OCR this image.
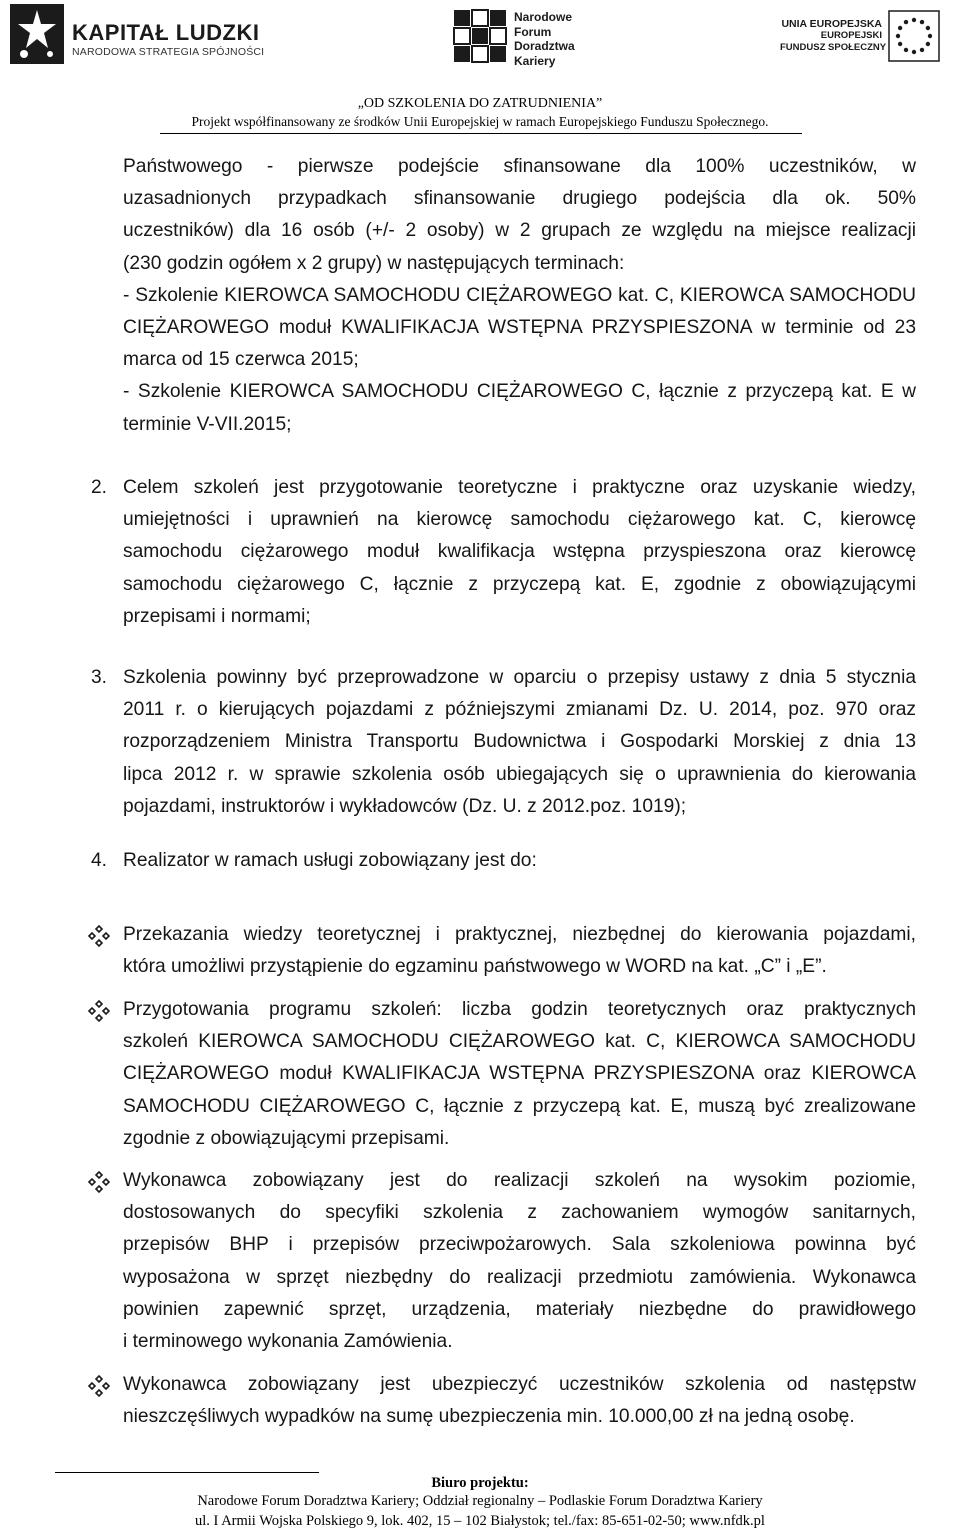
KAPITAŁ LUDZKI
NARODOWA STRATEGIA SPÓJNOŚCI
Narodowe
Forum
Doradztwa
Kariery
UNIA EUROPEJSKA
EUROPEJSKI
FUNDUSZ SPOŁECZNY
„OD SZKOLENIA DO ZATRUDNIENIA”
Projekt współfinansowany ze środków Unii Europejskiej w ramach Europejskiego Funduszu Społecznego.
Państwowego - pierwsze podejście sfinansowane dla 100% uczestników, w
uzasadnionych przypadkach sfinansowanie drugiego podejścia dla ok. 50%
uczestników) dla 16 osób (+/- 2 osoby) w 2 grupach ze względu na miejsce realizacji
(230 godzin ogółem x 2 grupy) w następujących terminach:
- Szkolenie KIEROWCA SAMOCHODU CIĘŻAROWEGO kat. C, KIEROWCA SAMOCHODU
CIĘŻAROWEGO moduł KWALIFIKACJA WSTĘPNA PRZYSPIESZONA w terminie od 23
marca od 15 czerwca 2015;
- Szkolenie KIEROWCA SAMOCHODU CIĘŻAROWEGO C, łącznie z przyczepą kat. E w
terminie V-VII.2015;
2. Celem szkoleń jest przygotowanie teoretyczne i praktyczne oraz uzyskanie wiedzy,
umiejętności i uprawnień na kierowcę samochodu ciężarowego kat. C, kierowcę
samochodu ciężarowego moduł kwalifikacja wstępna przyspieszona oraz kierowcę
samochodu ciężarowego C, łącznie z przyczepą kat. E, zgodnie z obowiązującymi
przepisami i normami;
3. Szkolenia powinny być przeprowadzone w oparciu o przepisy ustawy z dnia 5 stycznia
2011 r. o kierujących pojazdami z późniejszymi zmianami Dz. U. 2014, poz. 970 oraz
rozporządzeniem Ministra Transportu Budownictwa i Gospodarki Morskiej z dnia 13
lipca 2012 r. w sprawie szkolenia osób ubiegających się o uprawnienia do kierowania
pojazdami, instruktorów i wykładowców (Dz. U. z 2012.poz. 1019);
4. Realizator w ramach usługi zobowiązany jest do:
Przekazania wiedzy teoretycznej i praktycznej, niezbędnej do kierowania pojazdami,
która umożliwi przystąpienie do egzaminu państwowego w WORD na kat. „C” i „E”.
Przygotowania programu szkoleń: liczba godzin teoretycznych oraz praktycznych
szkoleń KIEROWCA SAMOCHODU CIĘŻAROWEGO kat. C, KIEROWCA SAMOCHODU
CIĘŻAROWEGO moduł KWALIFIKACJA WSTĘPNA PRZYSPIESZONA oraz KIEROWCA
SAMOCHODU CIĘŻAROWEGO C, łącznie z przyczepą kat. E, muszą być zrealizowane
zgodnie z obowiązującymi przepisami.
Wykonawca zobowiązany jest do realizacji szkoleń na wysokim poziomie,
dostosowanych do specyfiki szkolenia z zachowaniem wymogów sanitarnych,
przepisów BHP i przepisów przeciwpożarowych. Sala szkoleniowa powinna być
wyposażona w sprzęt niezbędny do realizacji przedmiotu zamówienia. Wykonawca
powinien zapewnić sprzęt, urządzenia, materiały niezbędne do prawidłowego
i terminowego wykonania Zamówienia.
Wykonawca zobowiązany jest ubezpieczyć uczestników szkolenia od następstw
nieszczęśliwych wypadków na sumę ubezpieczenia min. 10.000,00 zł na jedną osobę.
Biuro projektu:
Narodowe Forum Doradztwa Kariery; Oddział regionalny – Podlaskie Forum Doradztwa Kariery
ul. I Armii Wojska Polskiego 9, lok. 402, 15 – 102 Białystok; tel./fax: 85-651-02-50; www.nfdk.pl
